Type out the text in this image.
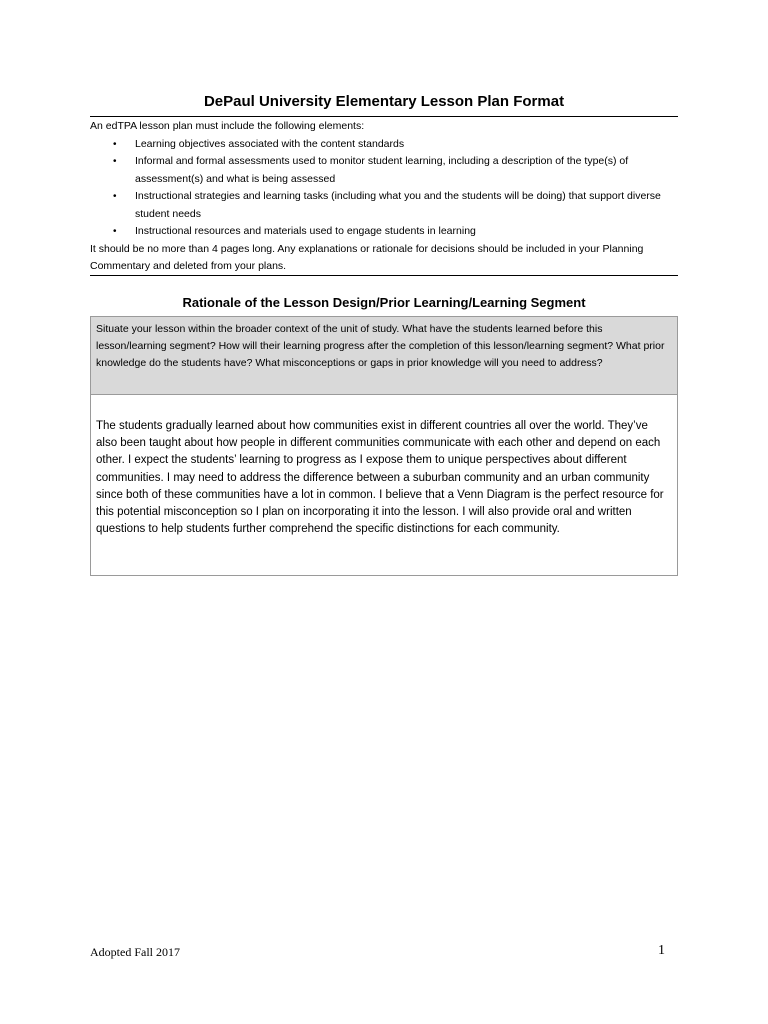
DePaul University Elementary Lesson Plan Format

An edTPA lesson plan must include the following elements:

• Learning objectives associated with the content standards
• Informal and formal assessments used to monitor student learning, including a description of the type(s) of assessment(s) and what is being assessed
• Instructional strategies and learning tasks (including what you and the students will be doing) that support diverse student needs
• Instructional resources and materials used to engage students in learning

It should be no more than 4 pages long. Any explanations or rationale for decisions should be included in your Planning Commentary and deleted from your plans.

Rationale of the Lesson Design/Prior Learning/Learning Segment
Situate your lesson within the broader context of the unit of study. What have the students learned before this lesson/learning segment? How will their learning progress after the completion of this lesson/learning segment? What prior knowledge do the students have? What misconceptions or gaps in prior knowledge will you need to address?
The students gradually learned about how communities exist in different countries all over the world. They’ve also been taught about how people in different communities communicate with each other and depend on each other. I expect the students’ learning to progress as I expose them to unique perspectives about different communities. I may need to address the difference between a suburban community and an urban community since both of these communities have a lot in common. I believe that a Venn Diagram is the perfect resource for this potential misconception so I plan on incorporating it into the lesson. I will also provide oral and written questions to help students further comprehend the specific distinctions for each community.
Adopted Fall 2017	1
